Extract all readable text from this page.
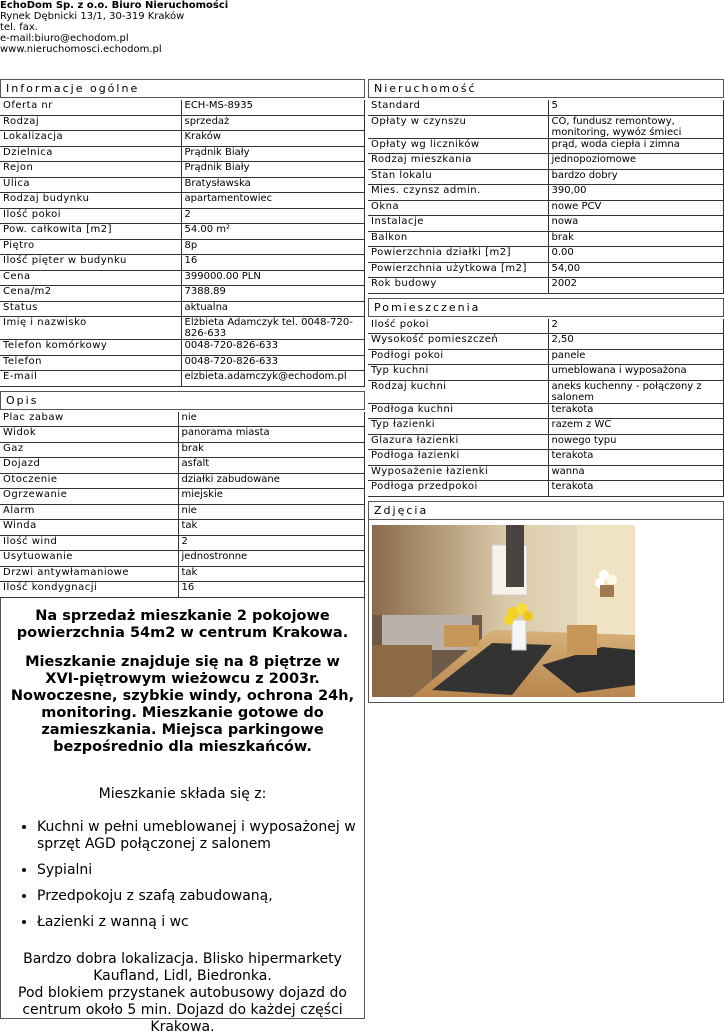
EchoDom Sp. z o.o. Biuro Nieruchomości
Rynek Dębnicki 13/1, 30-319 Kraków
tel. fax.
e-mail:biuro@echodom.pl
www.nieruchomosci.echodom.pl
Informacje ogólne
Oferta nr	ECH-MS-8935
Rodzaj	sprzedaż
Lokalizacja	Kraków
Dzielnica	Prądnik Biały
Rejon	Prądnik Biały
Ulica	Bratysławska
Rodzaj budynku	apartamentowiec
Ilość pokoi	2
Pow. całkowita [m2]	54.00 m²
Piętro	8p
Ilość pięter w budynku	16
Cena	399000.00 PLN
Cena/m2	7388.89
Status	aktualna
Imię i nazwisko	Elżbieta Adamczyk tel. 0048-720-826-633
Telefon komórkowy	0048-720-826-633
Telefon	0048-720-826-633
E-mail	elzbieta.adamczyk@echodom.pl
Opis
Plac zabaw	nie
Widok	panorama miasta
Gaz	brak
Dojazd	asfalt
Otoczenie	działki zabudowane
Ogrzewanie	miejskie
Alarm	nie
Winda	tak
Ilość wind	2
Usytuowanie	jednostronne
Drzwi antywłamaniowe	tak
Ilość kondygnacji	16

Na sprzedaż mieszkanie 2 pokojowe powierzchnia 54m2 w centrum Krakowa.

Mieszkanie znajduje się na 8 piętrze w XVI-piętrowym wieżowcu z 2003r. Nowoczesne, szybkie windy, ochrona 24h, monitoring. Mieszkanie gotowe do zamieszkania. Miejsca parkingowe bezpośrednio dla mieszkańców.

Mieszkanie składa się z:

• Kuchni w pełni umeblowanej i wyposażonej w sprzęt AGD połączonej z salonem
• Sypialni
• Przedpokoju z szafą zabudowaną,
• Łazienki z wanną i wc

Bardzo dobra lokalizacja. Blisko hipermarkety Kaufland, Lidl, Biedronka.

Pod blokiem przystanek autobusowy dojazd do centrum około 5 min. Dojazd do każdej części Krakowa.

Nieruchomość
Standard	5
Opłaty w czynszu	CO, fundusz remontowy, monitoring, wywóz śmieci
Opłaty wg liczników	prąd, woda ciepła i zimna
Rodzaj mieszkania	jednopoziomowe
Stan lokalu	bardzo dobry
Mies. czynsz admin.	390,00
Okna	nowe PCV
Instalacje	nowa
Balkon	brak
Powierzchnia działki [m2]	0.00
Powierzchnia użytkowa [m2]	54,00
Rok budowy	2002
Pomieszczenia
Ilość pokoi	2
Wysokość pomieszczeń	2,50
Podłogi pokoi	panele
Typ kuchni	umeblowana i wyposażona
Rodzaj kuchni	aneks kuchenny - połączony z salonem
Podłoga kuchni	terakota
Typ łazienki	razem z WC
Glazura łazienki	nowego typu
Podłoga łazienki	terakota
Wyposażenie łazienki	wanna
Podłoga przedpokoi	terakota
Zdjęcia
